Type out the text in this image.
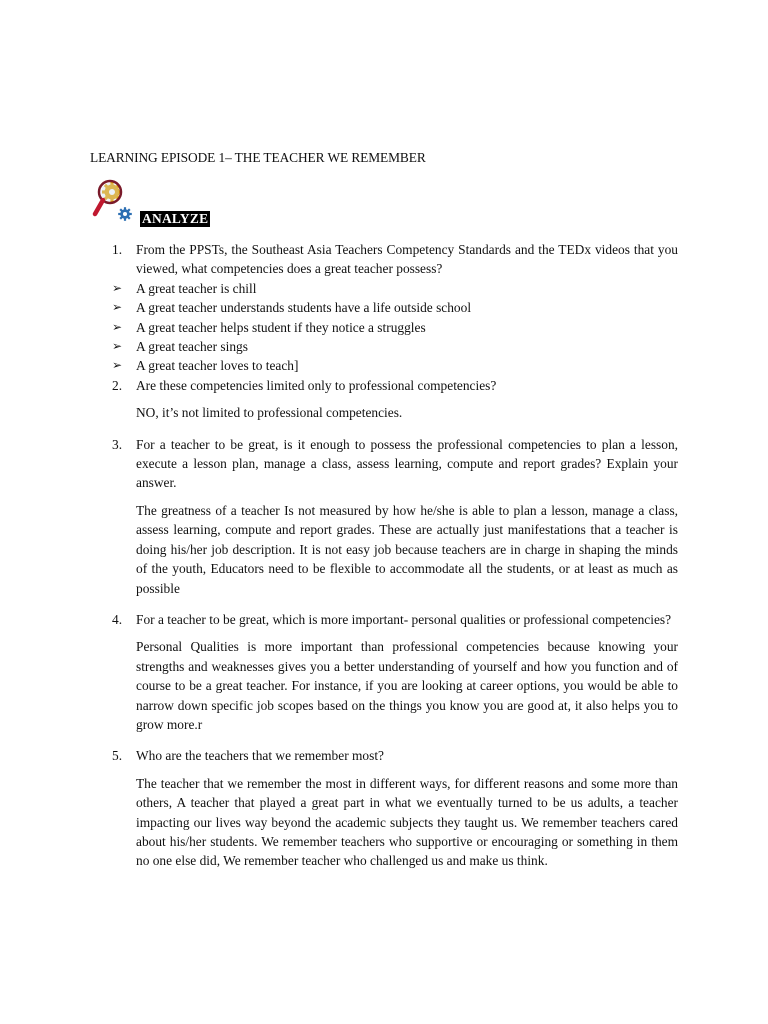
LEARNING EPISODE 1– THE TEACHER WE REMEMBER
ANALYZE
1. From the PPSTs, the Southeast Asia Teachers Competency Standards and the TEDx videos that you viewed, what competencies does a great teacher possess?
➢ A great teacher is chill
➢ A great teacher understands students have a life outside school
➢ A great teacher helps student if they notice a struggles
➢ A great teacher sings
➢ A great teacher loves to teach]
2. Are these competencies limited only to professional competencies?
NO, it’s not limited to professional competencies.
3. For a teacher to be great, is it enough to possess the professional competencies to plan a lesson, execute a lesson plan, manage a class, assess learning, compute and report grades? Explain your answer.
The greatness of a teacher Is not measured by how he/she is able to plan a lesson, manage a class, assess learning, compute and report grades. These are actually just manifestations that a teacher is doing his/her job description. It is not easy job because teachers are in charge in shaping the minds of the youth, Educators need to be flexible to accommodate all the students, or at least as much as possible
4. For a teacher to be great, which is more important- personal qualities or professional competencies?
Personal Qualities is more important than professional competencies because knowing your strengths and weaknesses gives you a better understanding of yourself and how you function and of course to be a great teacher. For instance, if you are looking at career options, you would be able to narrow down specific job scopes based on the things you know you are good at, it also helps you to grow more.r
5. Who are the teachers that we remember most?
The teacher that we remember the most in different ways, for different reasons and some more than others, A teacher that played a great part in what we eventually turned to be us adults, a teacher impacting our lives way beyond the academic subjects they taught us. We remember teachers cared about his/her students. We remember teachers who supportive or encouraging or something in them no one else did, We remember teacher who challenged us and make us think.
